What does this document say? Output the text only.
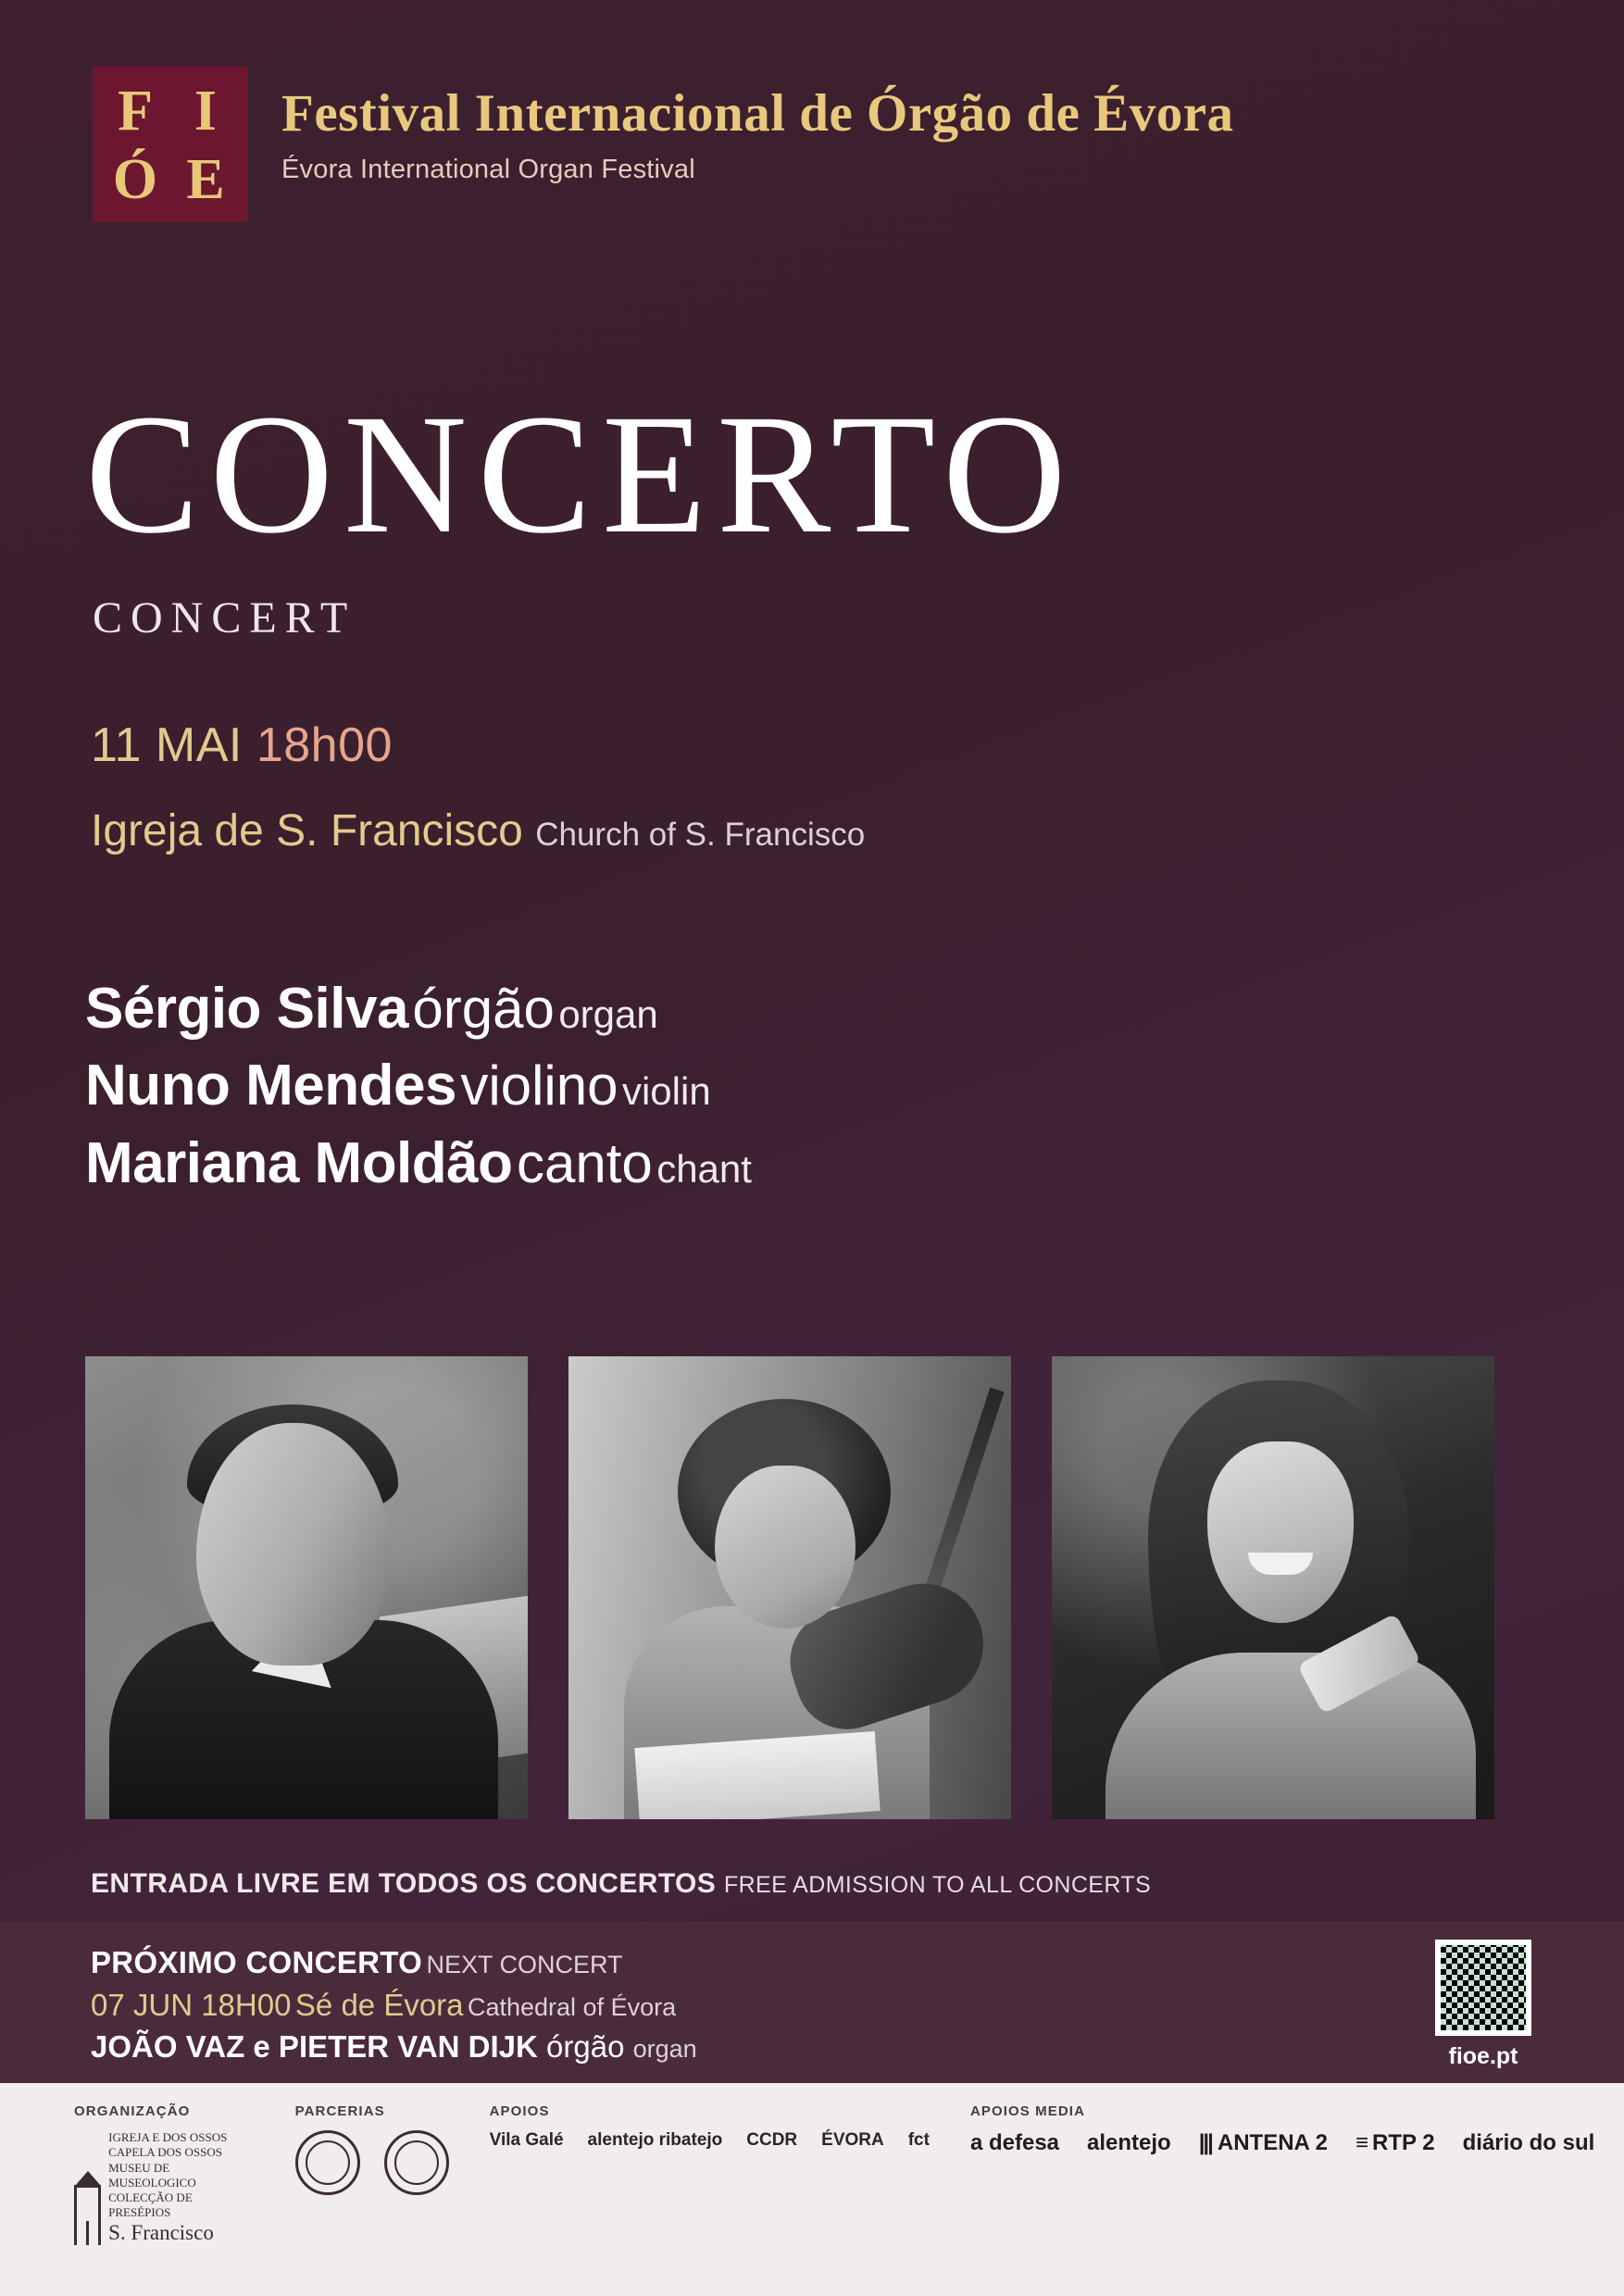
F I
Ó E
Festival Internacional de Órgão de Évora
Évora International Organ Festival
CONCERTO
CONCERT
11 MAI 18h00
Igreja de S. Francisco Church of S. Francisco
Sérgio Silva órgão organ
Nuno Mendes violino violin
Mariana Moldão canto chant
ENTRADA LIVRE EM TODOS OS CONCERTOS FREE ADMISSION TO ALL CONCERTS
PRÓXIMO CONCERTO NEXT CONCERT
07 JUN 18H00 Sé de Évora Cathedral of Évora
JOÃO VAZ e PIETER VAN DIJK órgão organ	fioe.pt
ORGANIZAÇÃO
IGREJA E DOS OSSOS CAPELA DOS OSSOS MUSEU DE MUSEOLOGICO COLECÇÃO DE PRESÉPIOS
S. Francisco
PARCERIAS	APOIOS
Vila Galé alentejo ribatejo CCDR ÉVORA fct
APOIOS MEDIA
a defesa alentejo ||| ANTENA 2 ≡ RTP 2 diário do sul
